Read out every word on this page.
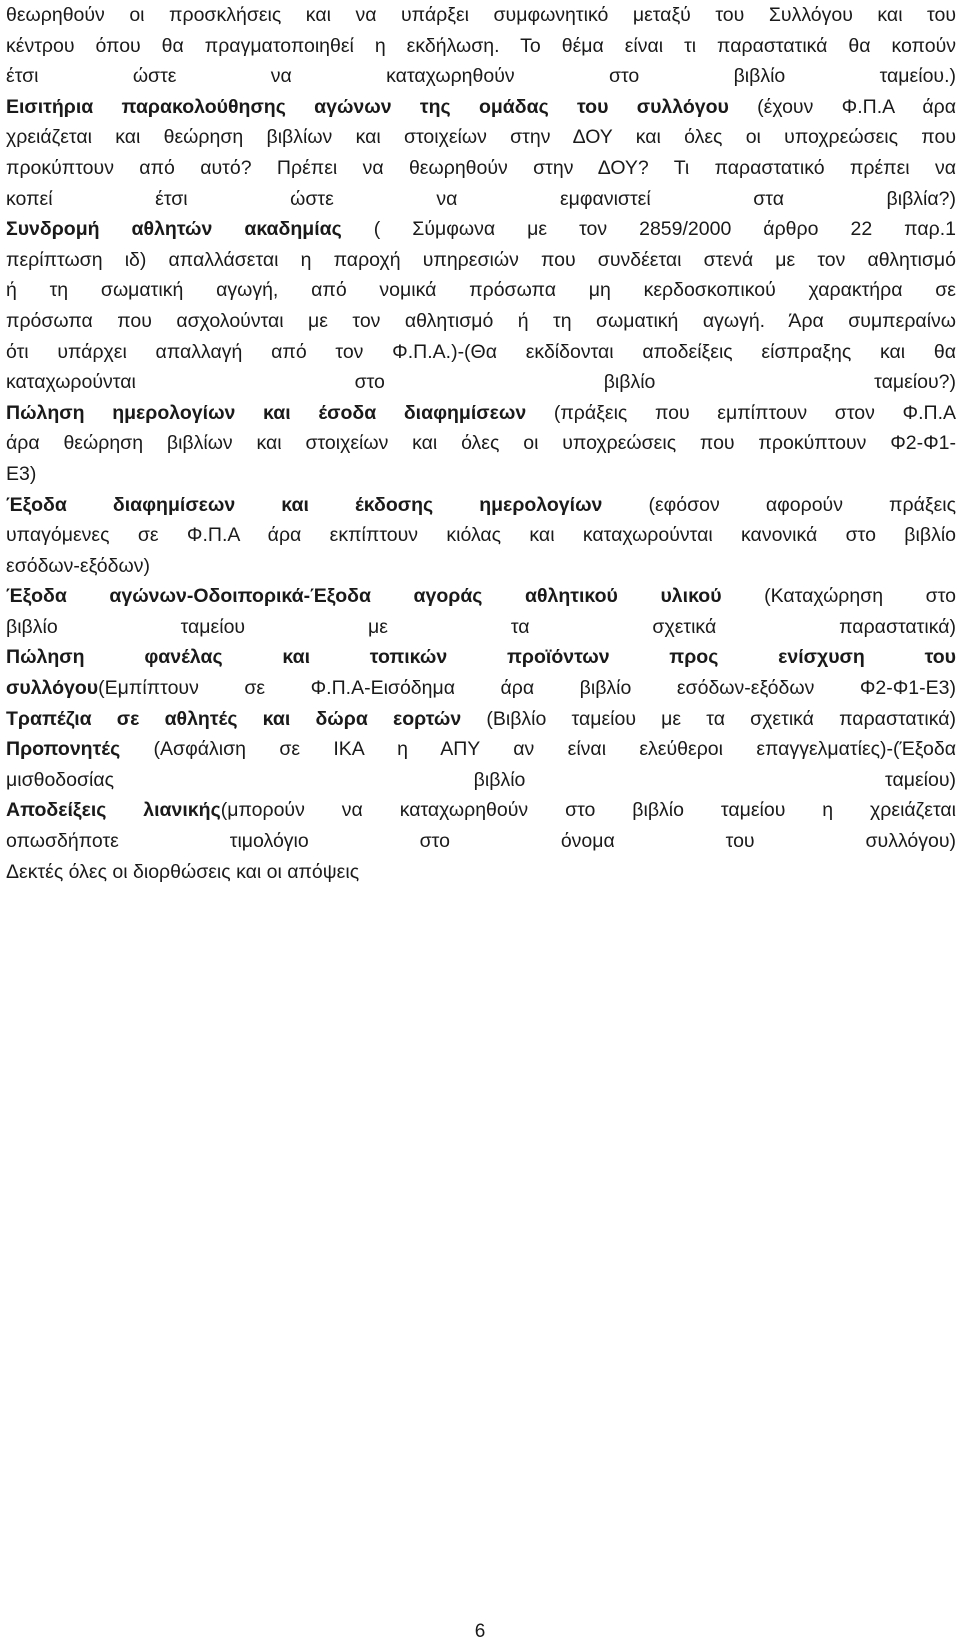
θεωρηθούν οι προσκλήσεις και να υπάρξει συμφωνητικό μεταξύ του Συλλόγου και του
κέντρου όπου θα πραγματοποιηθεί η εκδήλωση. Το θέμα είναι τι παραστατικά θα κοπούν
έτσι ώστε να καταχωρηθούν στο βιβλίο ταμείου.)
Εισιτήρια παρακολούθησης αγώνων της ομάδας του συλλόγου (έχουν Φ.Π.Α άρα
χρειάζεται και θεώρηση βιβλίων και στοιχείων στην ΔΟΥ και όλες οι υποχρεώσεις που
προκύπτουν από αυτό? Πρέπει να θεωρηθούν στην ΔΟΥ? Τι παραστατικό πρέπει να
κοπεί έτσι ώστε να εμφανιστεί στα βιβλία?)
Συνδρομή αθλητών ακαδημίας ( Σύμφωνα με τον 2859/2000 άρθρο 22 παρ.1
περίπτωση ιδ) απαλλάσεται η παροχή υπηρεσιών που συνδέεται στενά με τον αθλητισμό
ή τη σωματική αγωγή, από νομικά πρόσωπα μη κερδοσκοπικού χαρακτήρα σε
πρόσωπα που ασχολούνται με τον αθλητισμό ή τη σωματική αγωγή. Άρα συμπεραίνω
ότι υπάρχει απαλλαγή από τον Φ.Π.Α.)-(Θα εκδίδονται αποδείξεις είσπραξης και θα
καταχωρούνται στο βιβλίο ταμείου?)
Πώληση ημερολογίων και έσοδα διαφημίσεων (πράξεις που εμπίπτουν στον Φ.Π.Α
άρα θεώρηση βιβλίων και στοιχείων και όλες οι υποχρεώσεις που προκύπτουν Φ2-Φ1-
Ε3)
Έξοδα διαφημίσεων και έκδοσης ημερολογίων (εφόσον αφορούν πράξεις
υπαγόμενες σε Φ.Π.Α άρα εκπίπτουν κιόλας και καταχωρούνται κανονικά στο βιβλίο
εσόδων-εξόδων)
Έξοδα αγώνων-Οδοιπορικά-Έξοδα αγοράς αθλητικού υλικού (Καταχώρηση στο
βιβλίο ταμείου με τα σχετικά παραστατικά)
Πώληση φανέλας και τοπικών προϊόντων προς ενίσχυση του
συλλόγου(Εμπίπτουν σε Φ.Π.Α-Εισόδημα άρα βιβλίο εσόδων-εξόδων Φ2-Φ1-Ε3)
Τραπέζια σε αθλητές και δώρα εορτών (Βιβλίο ταμείου με τα σχετικά παραστατικά)
Προπονητές (Ασφάλιση σε ΙΚΑ η ΑΠΥ αν είναι ελεύθεροι επαγγελματίες)-(Έξοδα
μισθοδοσίας βιβλίο ταμείου)
Αποδείξεις λιανικής(μπορούν να καταχωρηθούν στο βιβλίο ταμείου η χρειάζεται
οπωσδήποτε τιμολόγιο στο όνομα του συλλόγου)
Δεκτές όλες οι διορθώσεις και οι απόψεις
6
